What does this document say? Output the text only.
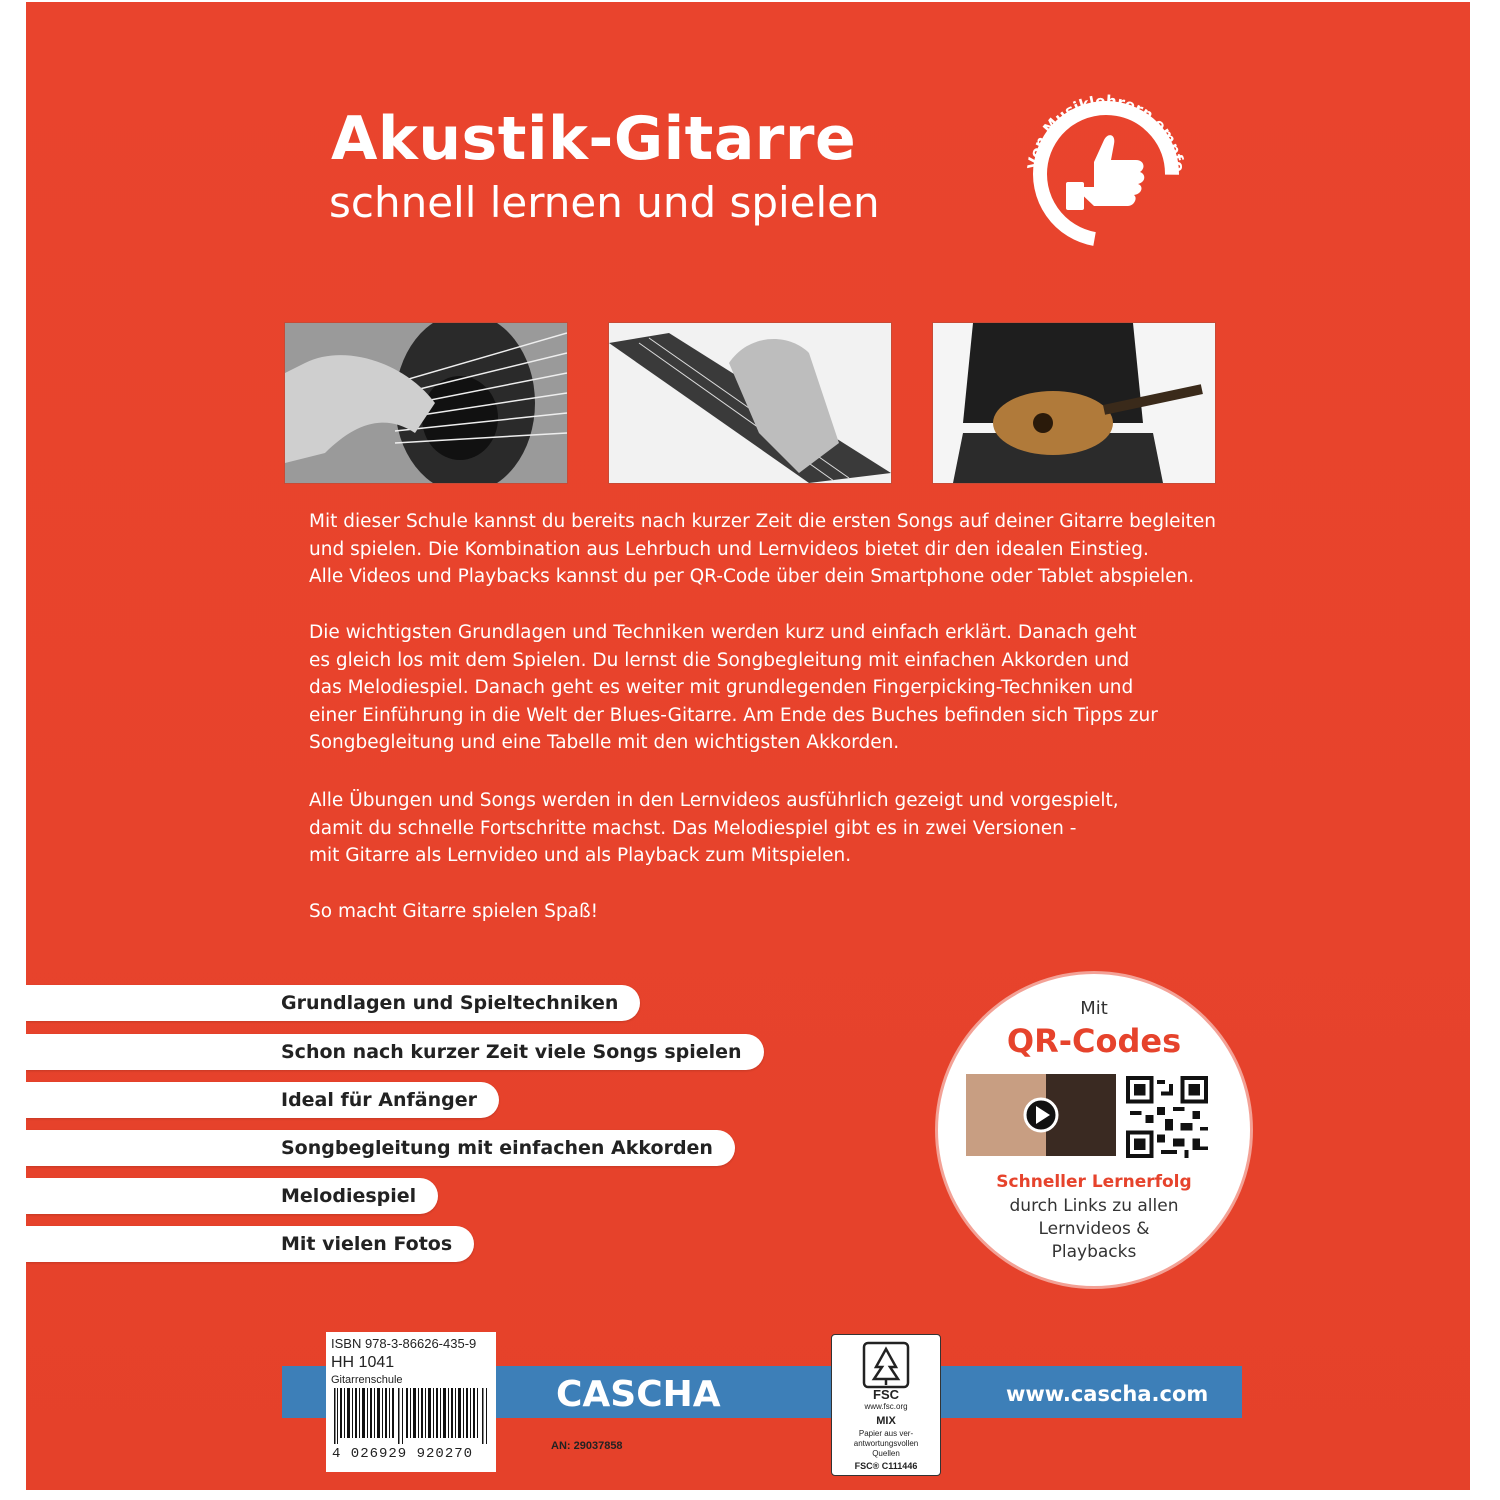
Akustik-Gitarre
schnell lernen und spielen
Von Musiklehrern empfo
Mit dieser Schule kannst du bereits nach kurzer Zeit die ersten Songs auf deiner Gitarre begleiten
und spielen. Die Kombination aus Lehrbuch und Lernvideos bietet dir den idealen Einstieg.
Alle Videos und Playbacks kannst du per QR-Code über dein Smartphone oder Tablet abspielen.
Die wichtigsten Grundlagen und Techniken werden kurz und einfach erklärt. Danach geht
es gleich los mit dem Spielen. Du lernst die Songbegleitung mit einfachen Akkorden und
das Melodiespiel. Danach geht es weiter mit grundlegenden Fingerpicking-Techniken und
einer Einführung in die Welt der Blues-Gitarre. Am Ende des Buches befinden sich Tipps zur
Songbegleitung und eine Tabelle mit den wichtigsten Akkorden.
Alle Übungen und Songs werden in den Lernvideos ausführlich gezeigt und vorgespielt,
damit du schnelle Fortschritte machst. Das Melodiespiel gibt es in zwei Versionen -
mit Gitarre als Lernvideo und als Playback zum Mitspielen.
So macht Gitarre spielen Spaß!
Grundlagen und Spieltechniken
Schon nach kurzer Zeit viele Songs spielen
Ideal für Anfänger
Songbegleitung mit einfachen Akkorden
Melodiespiel
Mit vielen Fotos
Mit
QR-Codes
Schneller Lernerfolg
durch Links zu allen
Lernvideos &
Playbacks
CASCHA	www.cascha.com
ISBN 978-3-86626-435-9
HH 1041
Gitarrenschule
4 026929 920270	AN: 29037858
FSC
www.fsc.org
MIX
Papier aus ver-
antwortungsvollen
Quellen
FSC® C111446
